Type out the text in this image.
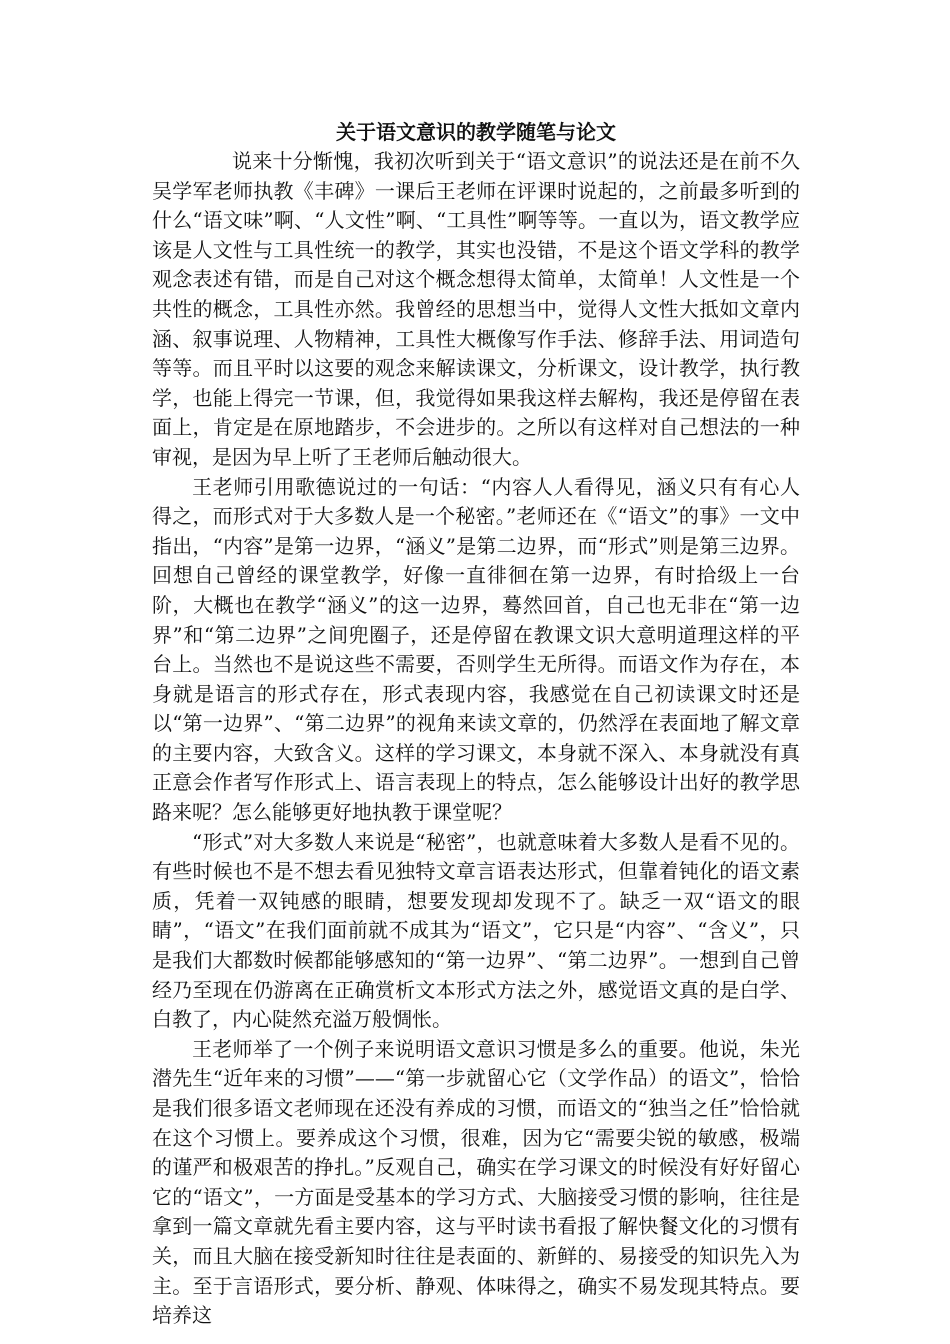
关于语文意识的教学随笔与论文

说来十分惭愧，我初次听到关于“语文意识”的说法还是在前不久吴学军老师执教《丰碑》一课后王老师在评课时说起的，之前最多听到的什么“语文味”啊、“人文性”啊、“工具性”啊等等。一直以为，语文教学应该是人文性与工具性统一的教学，其实也没错，不是这个语文学科的教学观念表述有错，而是自己对这个概念想得太简单，太简单！人文性是一个共性的概念，工具性亦然。我曾经的思想当中，觉得人文性大抵如文章内涵、叙事说理、人物精神，工具性大概像写作手法、修辞手法、用词造句等等。而且平时以这要的观念来解读课文，分析课文，设计教学，执行教学，也能上得完一节课，但，我觉得如果我这样去解构，我还是停留在表面上，肯定是在原地踏步，不会进步的。之所以有这样对自己想法的一种审视，是因为早上听了王老师后触动很大。

王老师引用歌德说过的一句话：“内容人人看得见，涵义只有有心人得之，而形式对于大多数人是一个秘密。”老师还在《“语文”的事》一文中指出，“内容”是第一边界，“涵义”是第二边界，而“形式”则是第三边界。回想自己曾经的课堂教学，好像一直徘徊在第一边界，有时拾级上一台阶，大概也在教学“涵义”的这一边界，蓦然回首，自己也无非在“第一边界”和“第二边界”之间兜圈子，还是停留在教课文识大意明道理这样的平台上。当然也不是说这些不需要，否则学生无所得。而语文作为存在，本身就是语言的形式存在，形式表现内容，我感觉在自己初读课文时还是以“第一边界”、“第二边界”的视角来读文章的，仍然浮在表面地了解文章的主要内容，大致含义。这样的学习课文，本身就不深入、本身就没有真正意会作者写作形式上、语言表现上的特点，怎么能够设计出好的教学思路来呢？怎么能够更好地执教于课堂呢？

“形式”对大多数人来说是“秘密”，也就意味着大多数人是看不见的。有些时候也不是不想去看见独特文章言语表达形式，但靠着钝化的语文素质，凭着一双钝感的眼睛，想要发现却发现不了。缺乏一双“语文的眼睛”，“语文”在我们面前就不成其为“语文”，它只是“内容”、“含义”，只是我们大都数时候都能够感知的“第一边界”、“第二边界”。一想到自己曾经乃至现在仍游离在正确赏析文本形式方法之外，感觉语文真的是白学、白教了，内心陡然充溢万般惆怅。

王老师举了一个例子来说明语文意识习惯是多么的重要。他说，朱光潜先生“近年来的习惯”——“第一步就留心它（文学作品）的语文”，恰恰是我们很多语文老师现在还没有养成的习惯，而语文的“独当之任”恰恰就在这个习惯上。要养成这个习惯，很难，因为它“需要尖锐的敏感，极端的谨严和极艰苦的挣扎。”反观自己，确实在学习课文的时候没有好好留心它的“语文”，一方面是受基本的学习方式、大脑接受习惯的影响，往往是拿到一篇文章就先看主要内容，这与平时读书看报了解快餐文化的习惯有关，而且大脑在接受新知时往往是表面的、新鲜的、易接受的知识先入为主。至于言语形式，要分析、静观、体味得之，确实不易发现其特点。要培养这
